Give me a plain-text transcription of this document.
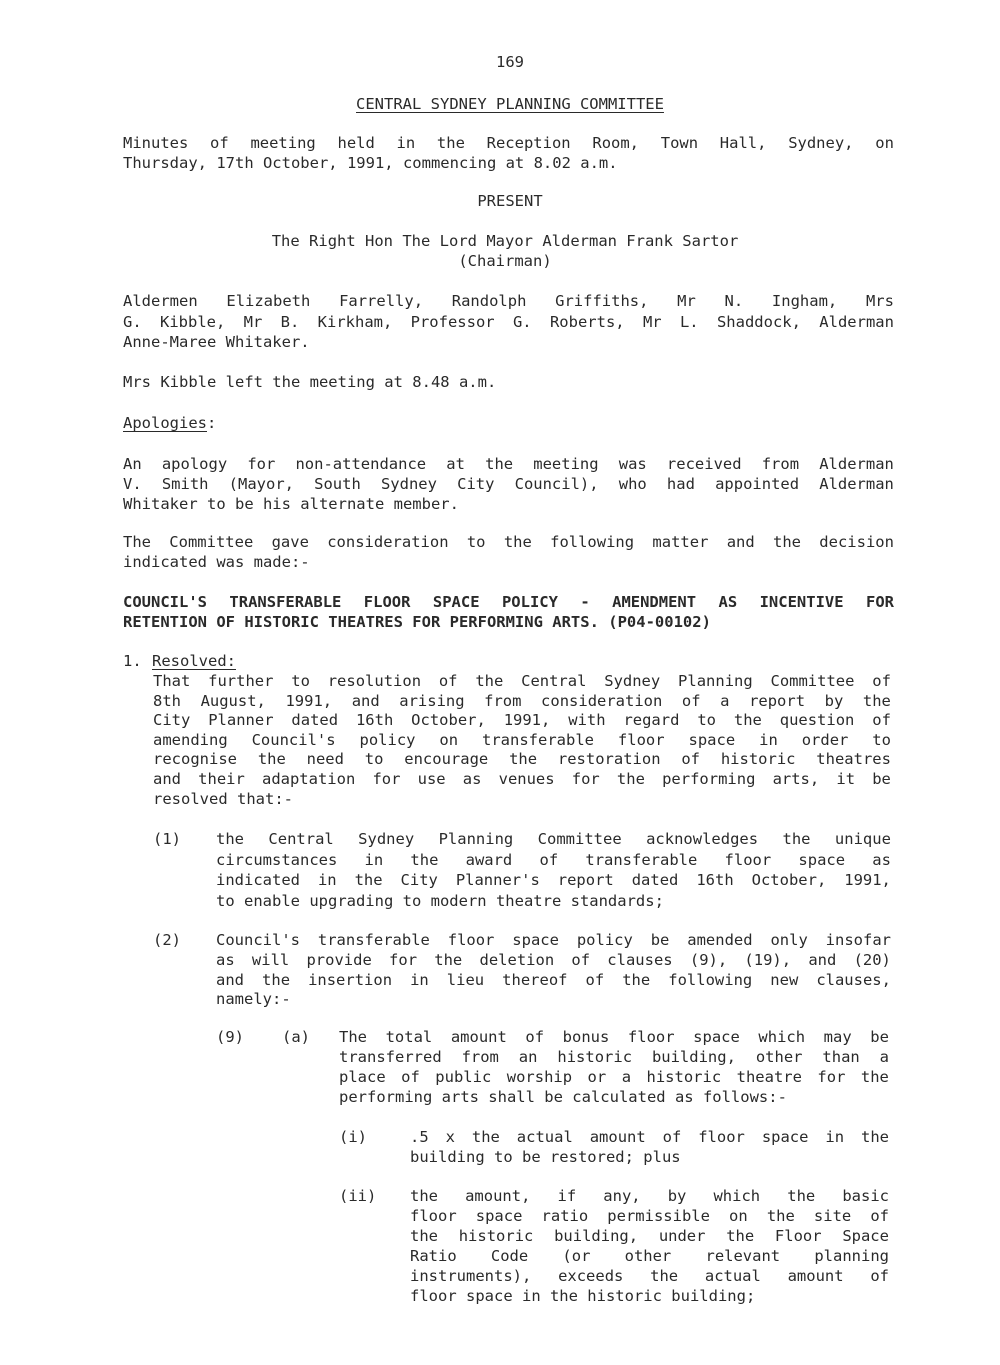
169
CENTRAL SYDNEY PLANNING COMMITTEE
Minutes of meeting held in the Reception Room, Town Hall, Sydney, on
Thursday, 17th October, 1991, commencing at 8.02 a.m.
PRESENT
The Right Hon The Lord Mayor Alderman Frank Sartor
(Chairman)
Aldermen Elizabeth Farrelly, Randolph Griffiths, Mr N. Ingham, Mrs
G. Kibble, Mr B. Kirkham, Professor G. Roberts, Mr L. Shaddock, Alderman
Anne-Maree Whitaker.
Mrs Kibble left the meeting at 8.48 a.m.
Apologies:
An apology for non-attendance at the meeting was received from Alderman
V. Smith (Mayor, South Sydney City Council), who had appointed Alderman
Whitaker to be his alternate member.
The Committee gave consideration to the following matter and the decision
indicated was made:-
COUNCIL'S TRANSFERABLE FLOOR SPACE POLICY - AMENDMENT AS INCENTIVE FOR
RETENTION OF HISTORIC THEATRES FOR PERFORMING ARTS. (P04-00102)
1. Resolved:
(1)
(2)
(9) (a)
(i)
(ii)
That further to resolution of the Central Sydney Planning Committee of
8th August, 1991, and arising from consideration of a report by the
City Planner dated 16th October, 1991, with regard to the question of
amending Council's policy on transferable floor space in order to
recognise the need to encourage the restoration of historic theatres
and their adaptation for use as venues for the performing arts, it be
resolved that:-
the Central Sydney Planning Committee acknowledges the unique
circumstances in the award of transferable floor space as
indicated in the City Planner's report dated 16th October, 1991,
to enable upgrading to modern theatre standards;
Council's transferable floor space policy be amended only insofar
as will provide for the deletion of clauses (9), (19), and (20)
and the insertion in lieu thereof of the following new clauses,
namely:-
The total amount of bonus floor space which may be
transferred from an historic building, other than a
place of public worship or a historic theatre for the
performing arts shall be calculated as follows:-
.5 x the actual amount of floor space in the
building to be restored; plus
the amount, if any, by which the basic
floor space ratio permissible on the site of
the historic building, under the Floor Space
Ratio Code (or other relevant planning
instruments), exceeds the actual amount of
floor space in the historic building;
